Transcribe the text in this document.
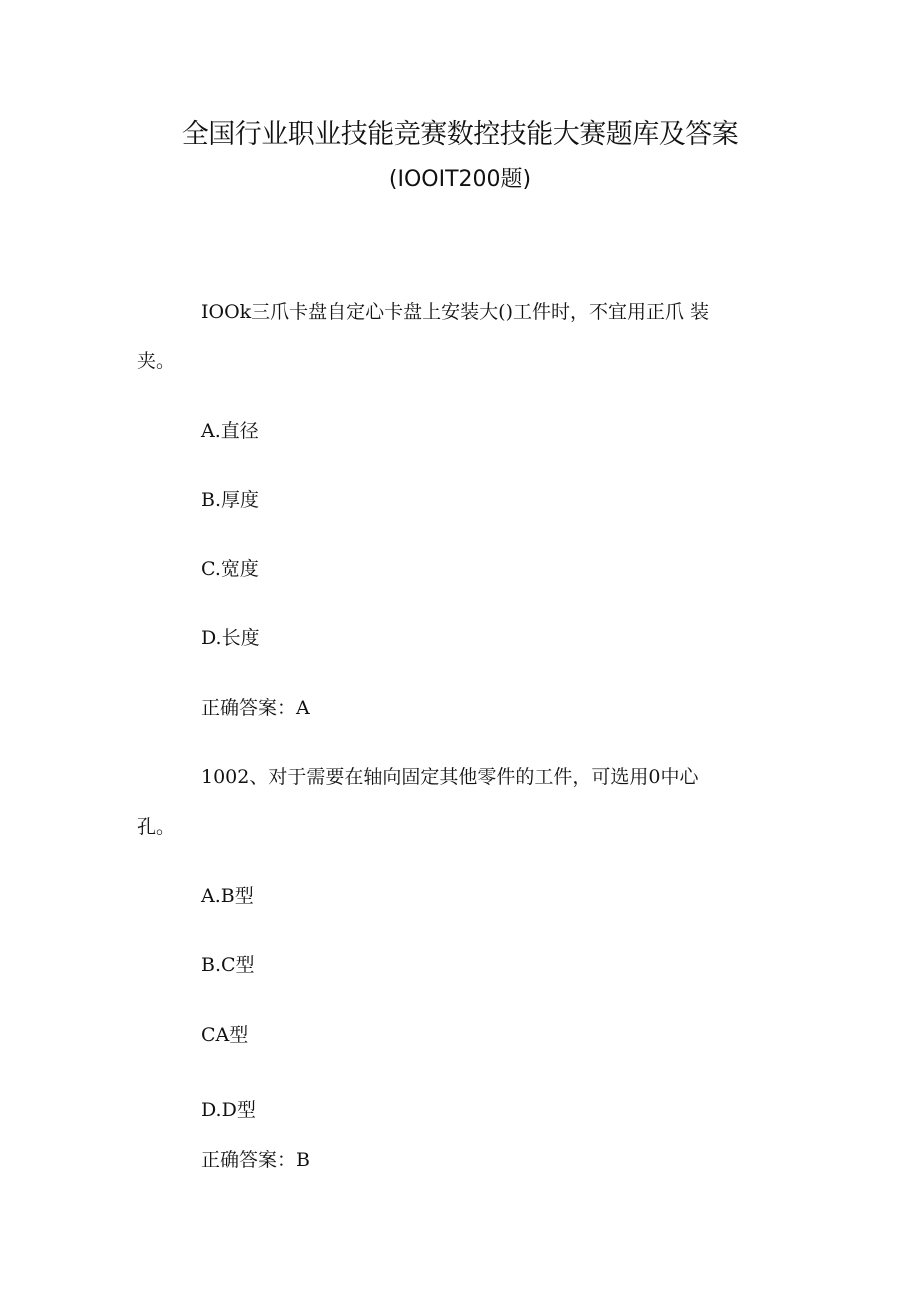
全国行业职业技能竞赛数控技能大赛题库及答案
(IOOIT200题)
IOOk三爪卡盘自定心卡盘上安装大()工件时，不宜用正爪 装
夹。
A.直径
B.厚度
C.宽度
D.长度
正确答案：A
1002、对于需要在轴向固定其他零件的工件，可选用0中心
孔。
A.B型
B.C型
CA型
D.D型
正确答案：B
